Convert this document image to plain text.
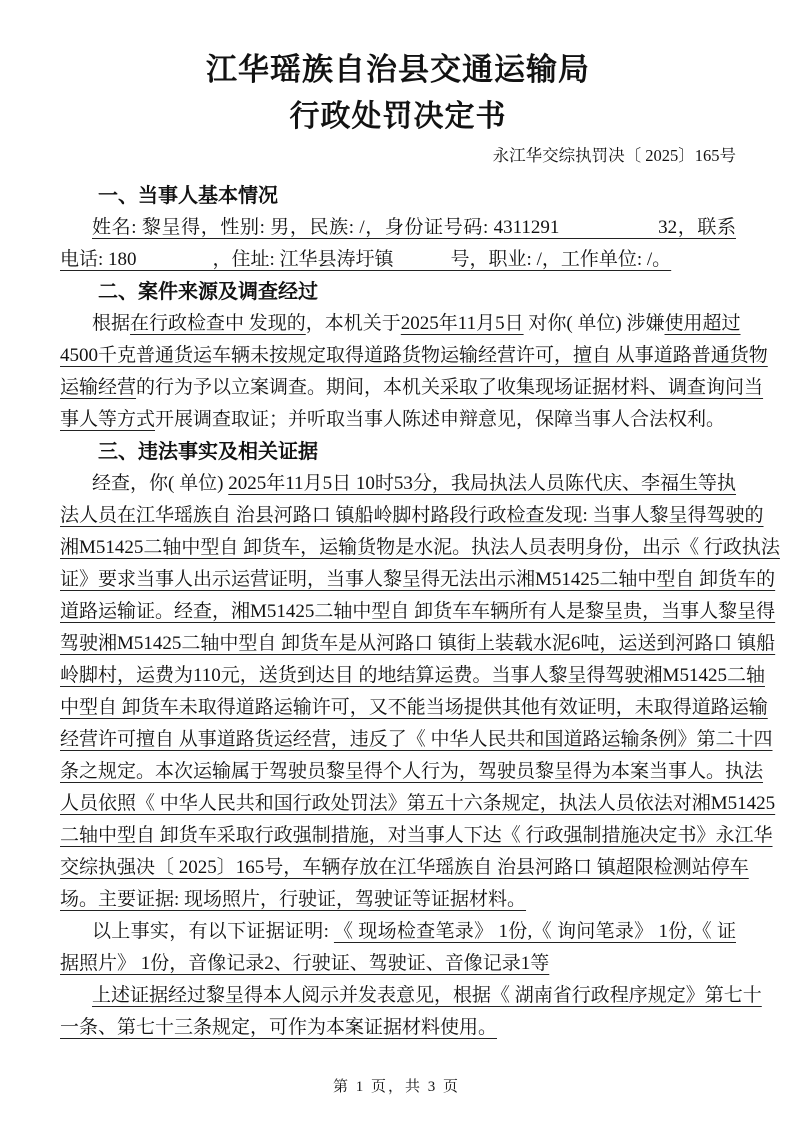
江华瑶族自治县交通运输局
行政处罚决定书
永江华交综执罚决〔 2025〕165号
一、当事人基本情况
姓名: 黎呈得，性别: 男，民族: /，身份证号码: 4311291　　　　　32，联系
电话: 180　　　　，住址: 江华县涛圩镇　　　号，职业: /，工作单位: /。
二、案件来源及调查经过
根据在行政检查中 发现的，本机关于2025年11月5日 对你( 单位) 涉嫌使用超过
4500千克普通货运车辆未按规定取得道路货物运输经营许可，擅自 从事道路普通货物
运输经营的行为予以立案调查。期间，本机关采取了收集现场证据材料、调查询问当
事人等方式开展调查取证；并听取当事人陈述申辩意见，保障当事人合法权利。
三、违法事实及相关证据
经查，你( 单位) 2025年11月5日 10时53分，我局执法人员陈代庆、李福生等执
法人员在江华瑶族自 治县河路口 镇船岭脚村路段行政检查发现: 当事人黎呈得驾驶的
湘M51425二轴中型自 卸货车，运输货物是水泥。执法人员表明身份，出示《 行政执法
证》要求当事人出示运营证明，当事人黎呈得无法出示湘M51425二轴中型自 卸货车的
道路运输证。经查，湘M51425二轴中型自 卸货车车辆所有人是黎呈贵，当事人黎呈得
驾驶湘M51425二轴中型自 卸货车是从河路口 镇街上装载水泥6吨，运送到河路口 镇船
岭脚村，运费为110元，送货到达目 的地结算运费。当事人黎呈得驾驶湘M51425二轴
中型自 卸货车未取得道路运输许可，又不能当场提供其他有效证明，未取得道路运输
经营许可擅自 从事道路货运经营，违反了《 中华人民共和国道路运输条例》第二十四
条之规定。本次运输属于驾驶员黎呈得个人行为，驾驶员黎呈得为本案当事人。执法
人员依照《 中华人民共和国行政处罚法》第五十六条规定，执法人员依法对湘M51425
二轴中型自 卸货车采取行政强制措施，对当事人下达《 行政强制措施决定书》永江华
交综执强决〔 2025〕165号，车辆存放在江华瑶族自 治县河路口 镇超限检测站停车
场。主要证据: 现场照片，行驶证，驾驶证等证据材料。
以上事实，有以下证据证明: 《 现场检查笔录》 1份,《 询问笔录》 1份,《 证
据照片》 1份，音像记录2、行驶证、驾驶证、音像记录1等
上述证据经过黎呈得本人阅示并发表意见，根据《 湖南省行政程序规定》第七十
一条、第七十三条规定，可作为本案证据材料使用。
第 1 页，共 3 页
